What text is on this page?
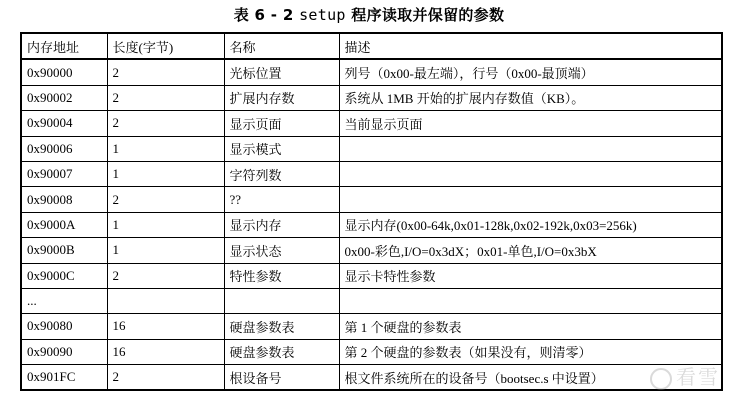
表 6 - 2 setup 程序读取并保留的参数
内存地址	长度(字节)	名称	描述
0x90000	2	光标位置	列号（0x00-最左端），行号（0x00-最顶端）
0x90002	2	扩展内存数	系统从 1MB 开始的扩展内存数值（KB）。
0x90004	2	显示页面	当前显示页面
0x90006	1	显示模式	
0x90007	1	字符列数	
0x90008	2	??	
0x9000A	1	显示内存	显示内存(0x00-64k,0x01-128k,0x02-192k,0x03=256k)
0x9000B	1	显示状态	0x00-彩色,I/O=0x3dX；0x01-单色,I/O=0x3bX
0x9000C	2	特性参数	显示卡特性参数
...			
0x90080	16	硬盘参数表	第 1 个硬盘的参数表
0x90090	16	硬盘参数表	第 2 个硬盘的参数表（如果没有，则清零）
0x901FC	2	根设备号	根文件系统所在的设备号（bootsec.s 中设置）	看雪
